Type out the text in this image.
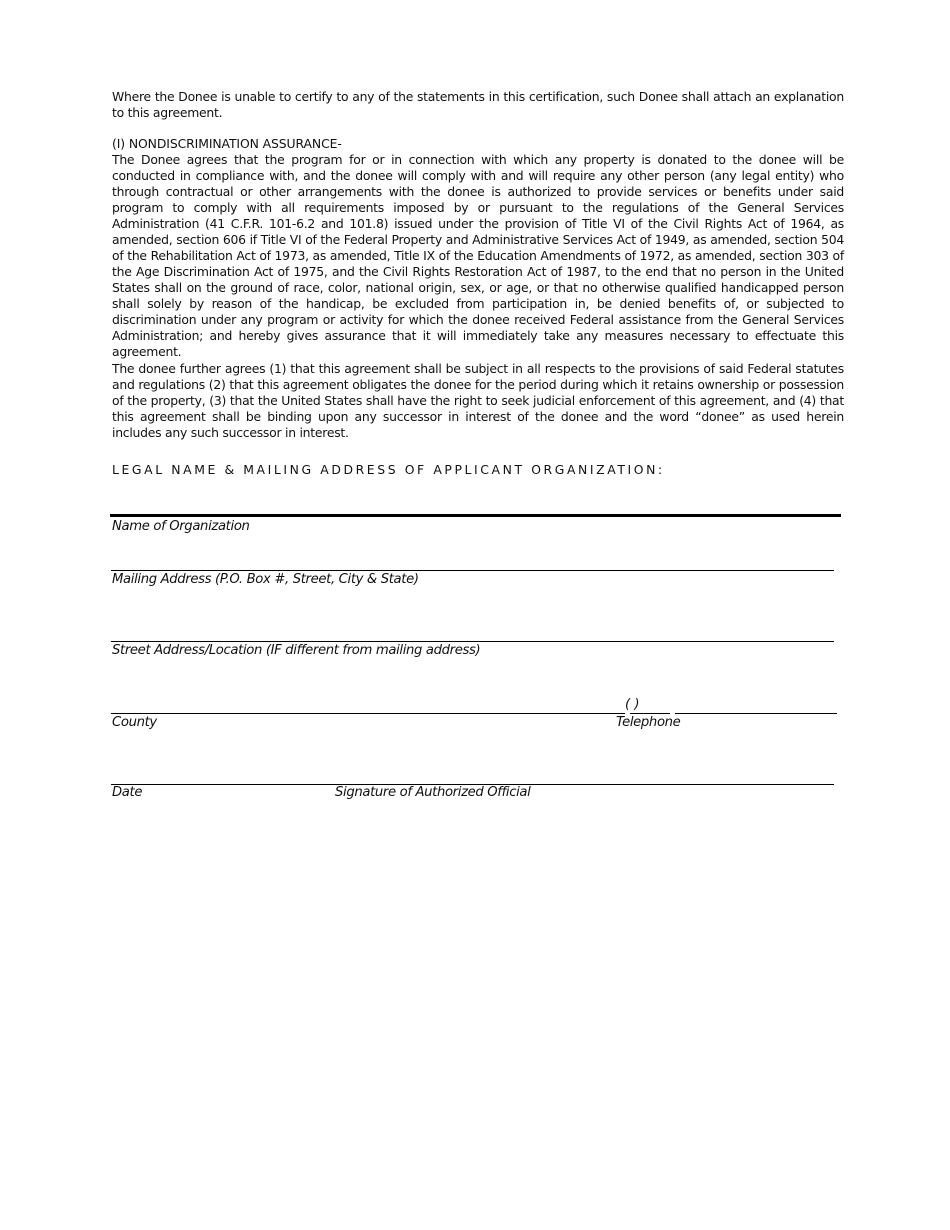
Where the Donee is unable to certify to any of the statements in this certification, such Donee shall attach an explanation to this agreement.

(I) NONDISCRIMINATION ASSURANCE-

The Donee agrees that the program for or in connection with which any property is donated to the donee will be conducted in compliance with, and the donee will comply with and will require any other person (any legal entity) who through contractual or other arrangements with the donee is authorized to provide services or benefits under said program to comply with all requirements imposed by or pursuant to the regulations of the General Services Administration (41 C.F.R. 101-6.2 and 101.8) issued under the provision of Title VI of the Civil Rights Act of 1964, as amended, section 606 if Title VI of the Federal Property and Administrative Services Act of 1949, as amended, section 504 of the Rehabilitation Act of 1973, as amended, Title IX of the Education Amendments of 1972, as amended, section 303 of the Age Discrimination Act of 1975, and the Civil Rights Restoration Act of 1987, to the end that no person in the United States shall on the ground of race, color, national origin, sex, or age, or that no otherwise qualified handicapped person shall solely by reason of the handicap, be excluded from participation in, be denied benefits of, or subjected to discrimination under any program or activity for which the donee received Federal assistance from the General Services Administration; and hereby gives assurance that it will immediately take any measures necessary to effectuate this agreement.

The donee further agrees (1) that this agreement shall be subject in all respects to the provisions of said Federal statutes and regulations (2) that this agreement obligates the donee for the period during which it retains ownership or possession of the property, (3) that the United States shall have the right to seek judicial enforcement of this agreement, and (4) that this agreement shall be binding upon any successor in interest of the donee and the word “donee” as used herein includes any such successor in interest.

LEGAL NAME & MAILING ADDRESS OF APPLICANT ORGANIZATION:
Name of Organization
Mailing Address (P.O. Box #, Street, City & State)
Street Address/Location (IF different from mailing address)
( )
County	Telephone
Date	Signature of Authorized Official
